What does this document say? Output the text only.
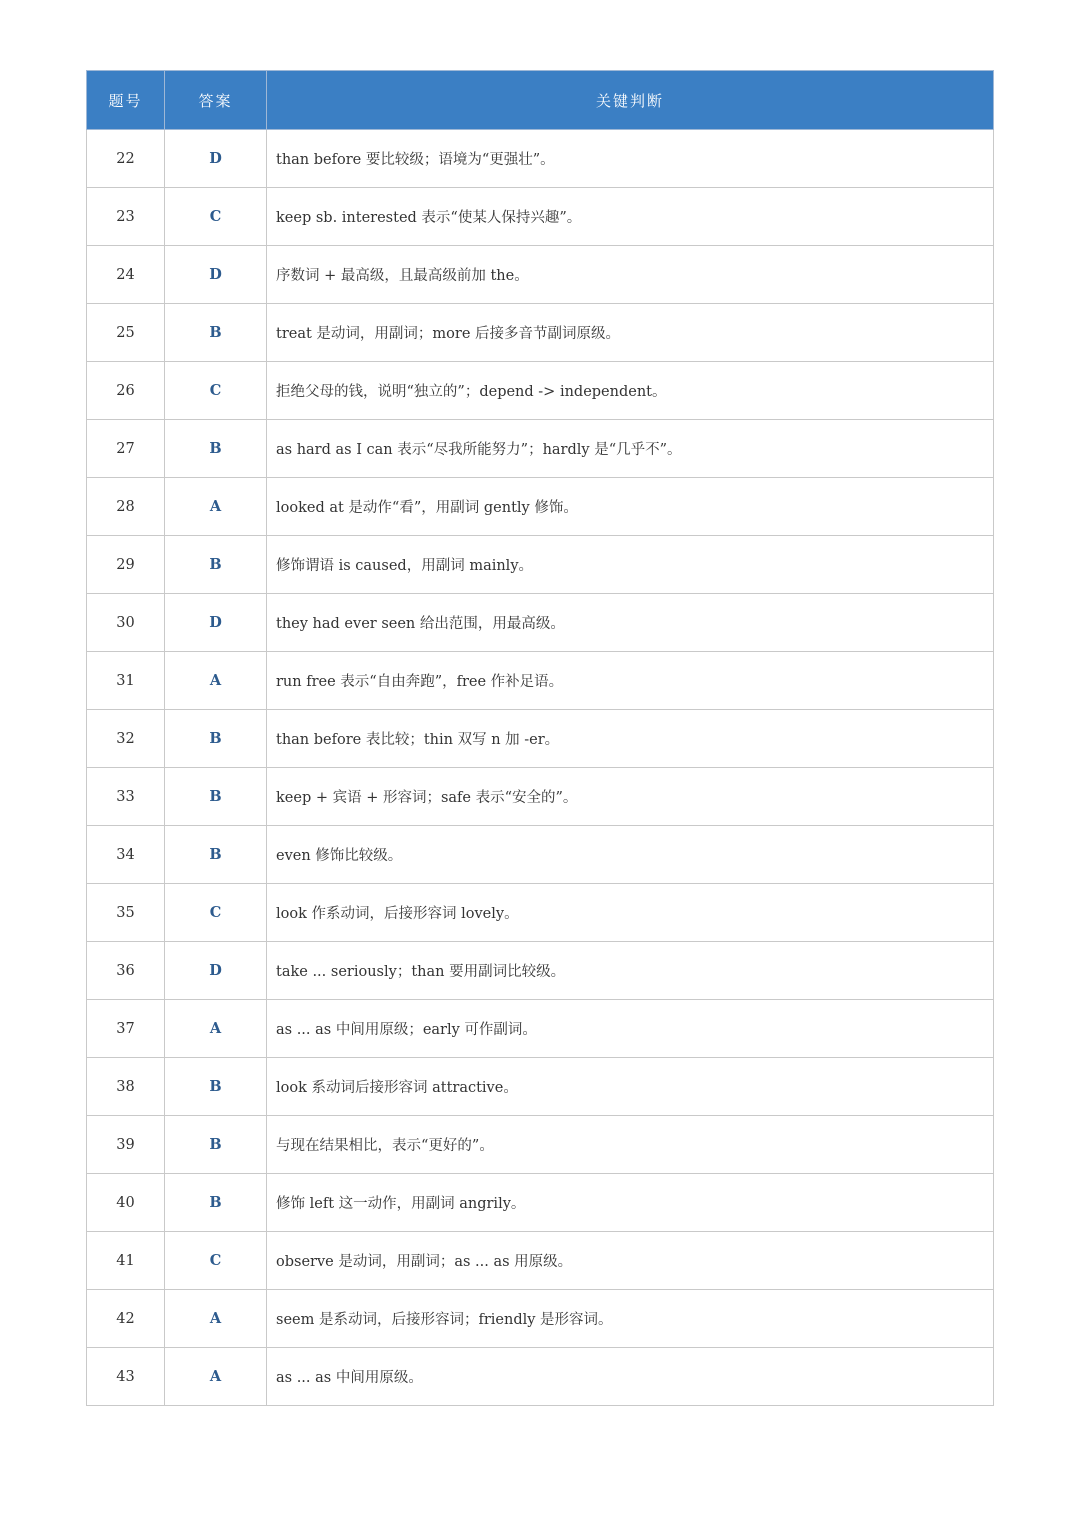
题号	答案	关键判断
22	D	than before 要比较级；语境为“更强壮”。
23	C	keep sb. interested 表示“使某人保持兴趣”。
24	D	序数词 + 最高级，且最高级前加 the。
25	B	treat 是动词，用副词；more 后接多音节副词原级。
26	C	拒绝父母的钱，说明“独立的”；depend -> independent。
27	B	as hard as I can 表示“尽我所能努力”；hardly 是“几乎不”。
28	A	looked at 是动作“看”，用副词 gently 修饰。
29	B	修饰谓语 is caused，用副词 mainly。
30	D	they had ever seen 给出范围，用最高级。
31	A	run free 表示“自由奔跑”，free 作补足语。
32	B	than before 表比较；thin 双写 n 加 -er。
33	B	keep + 宾语 + 形容词；safe 表示“安全的”。
34	B	even 修饰比较级。
35	C	look 作系动词，后接形容词 lovely。
36	D	take ... seriously；than 要用副词比较级。
37	A	as ... as 中间用原级；early 可作副词。
38	B	look 系动词后接形容词 attractive。
39	B	与现在结果相比，表示“更好的”。
40	B	修饰 left 这一动作，用副词 angrily。
41	C	observe 是动词，用副词；as ... as 用原级。
42	A	seem 是系动词，后接形容词；friendly 是形容词。
43	A	as ... as 中间用原级。
